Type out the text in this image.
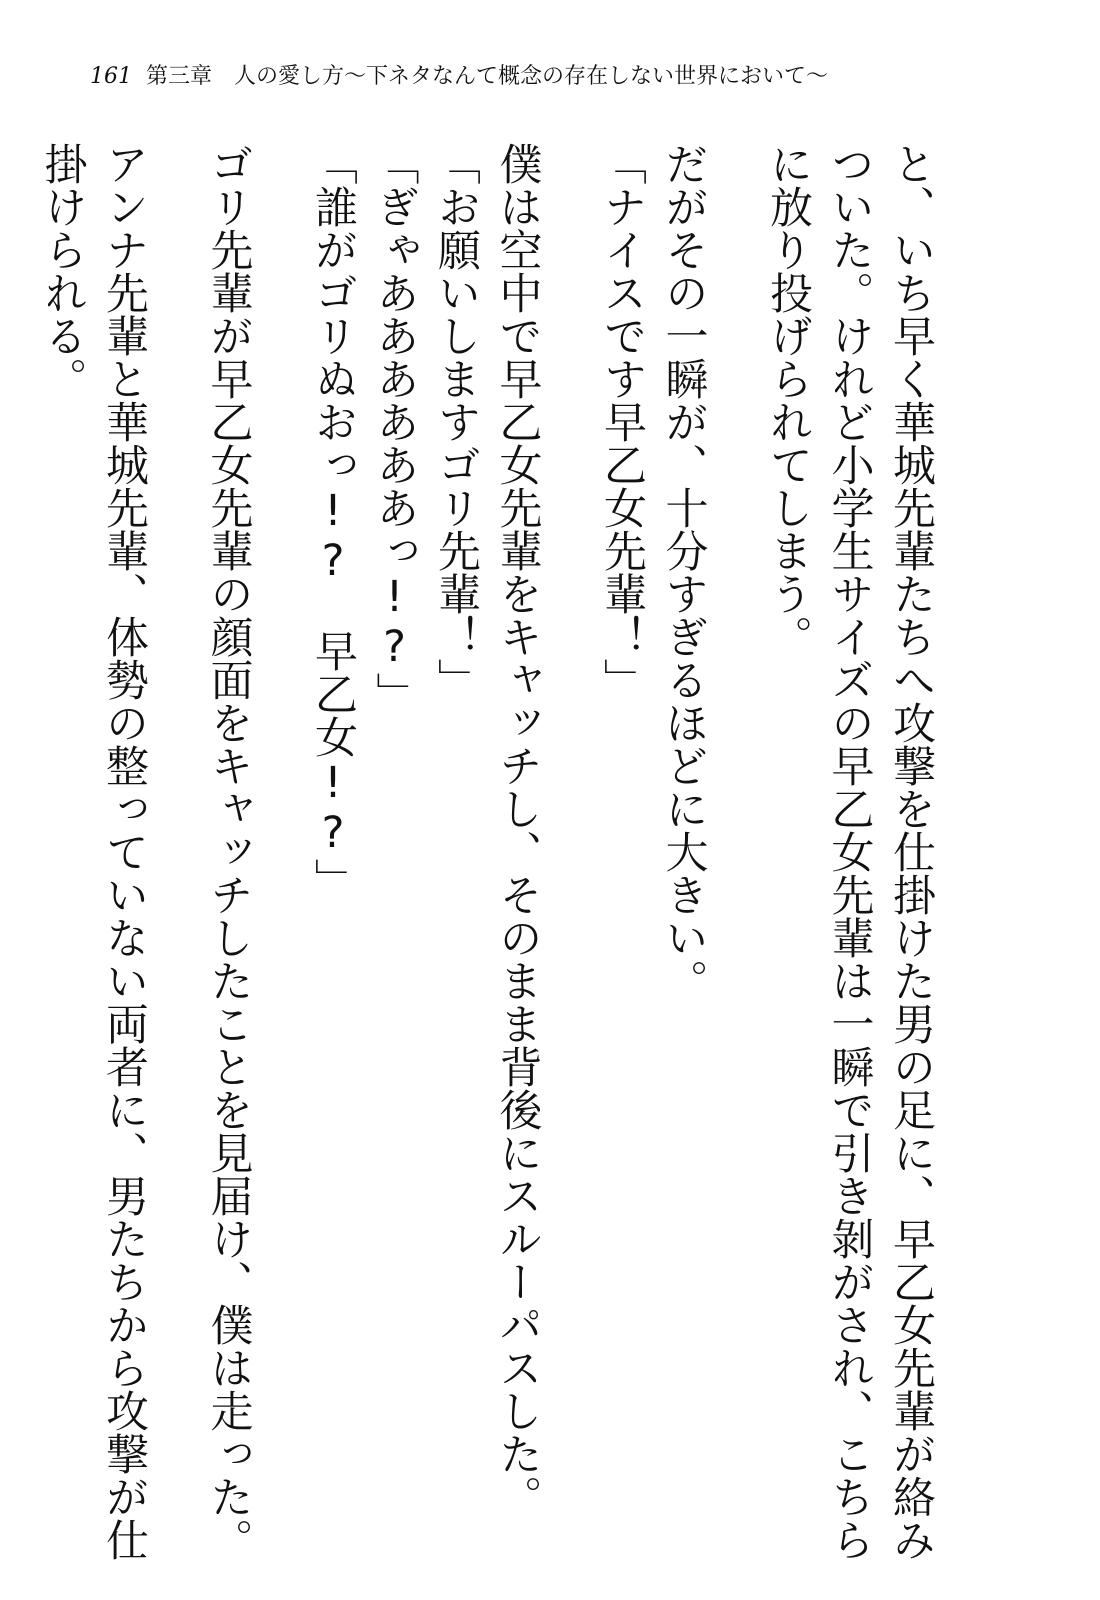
161 第三章 人の愛し方〜下ネタなんて概念の存在しない世界において〜

と、いち早く華城先輩たちへ攻撃を仕掛けた男の足に、早乙女先輩が絡みついた。けれど小学生サイズの早乙女先輩は一瞬で引き剝がされ、こちらに放り投げられてしまう。

だがその一瞬が、十分すぎるほどに大きい。

「ナイスです早乙女先輩！」

僕は空中で早乙女先輩をキャッチし、そのまま背後にスルーパスした。

「お願いしますゴリ先輩！」

「ぎゃああああああっ!?」

「誰がゴリぬおっ!?　早乙女!?」

ゴリ先輩が早乙女先輩の顔面をキャッチしたことを見届け、僕は走った。

アンナ先輩と華城先輩、体勢の整っていない両者に、男たちから攻撃が仕掛けられる。
